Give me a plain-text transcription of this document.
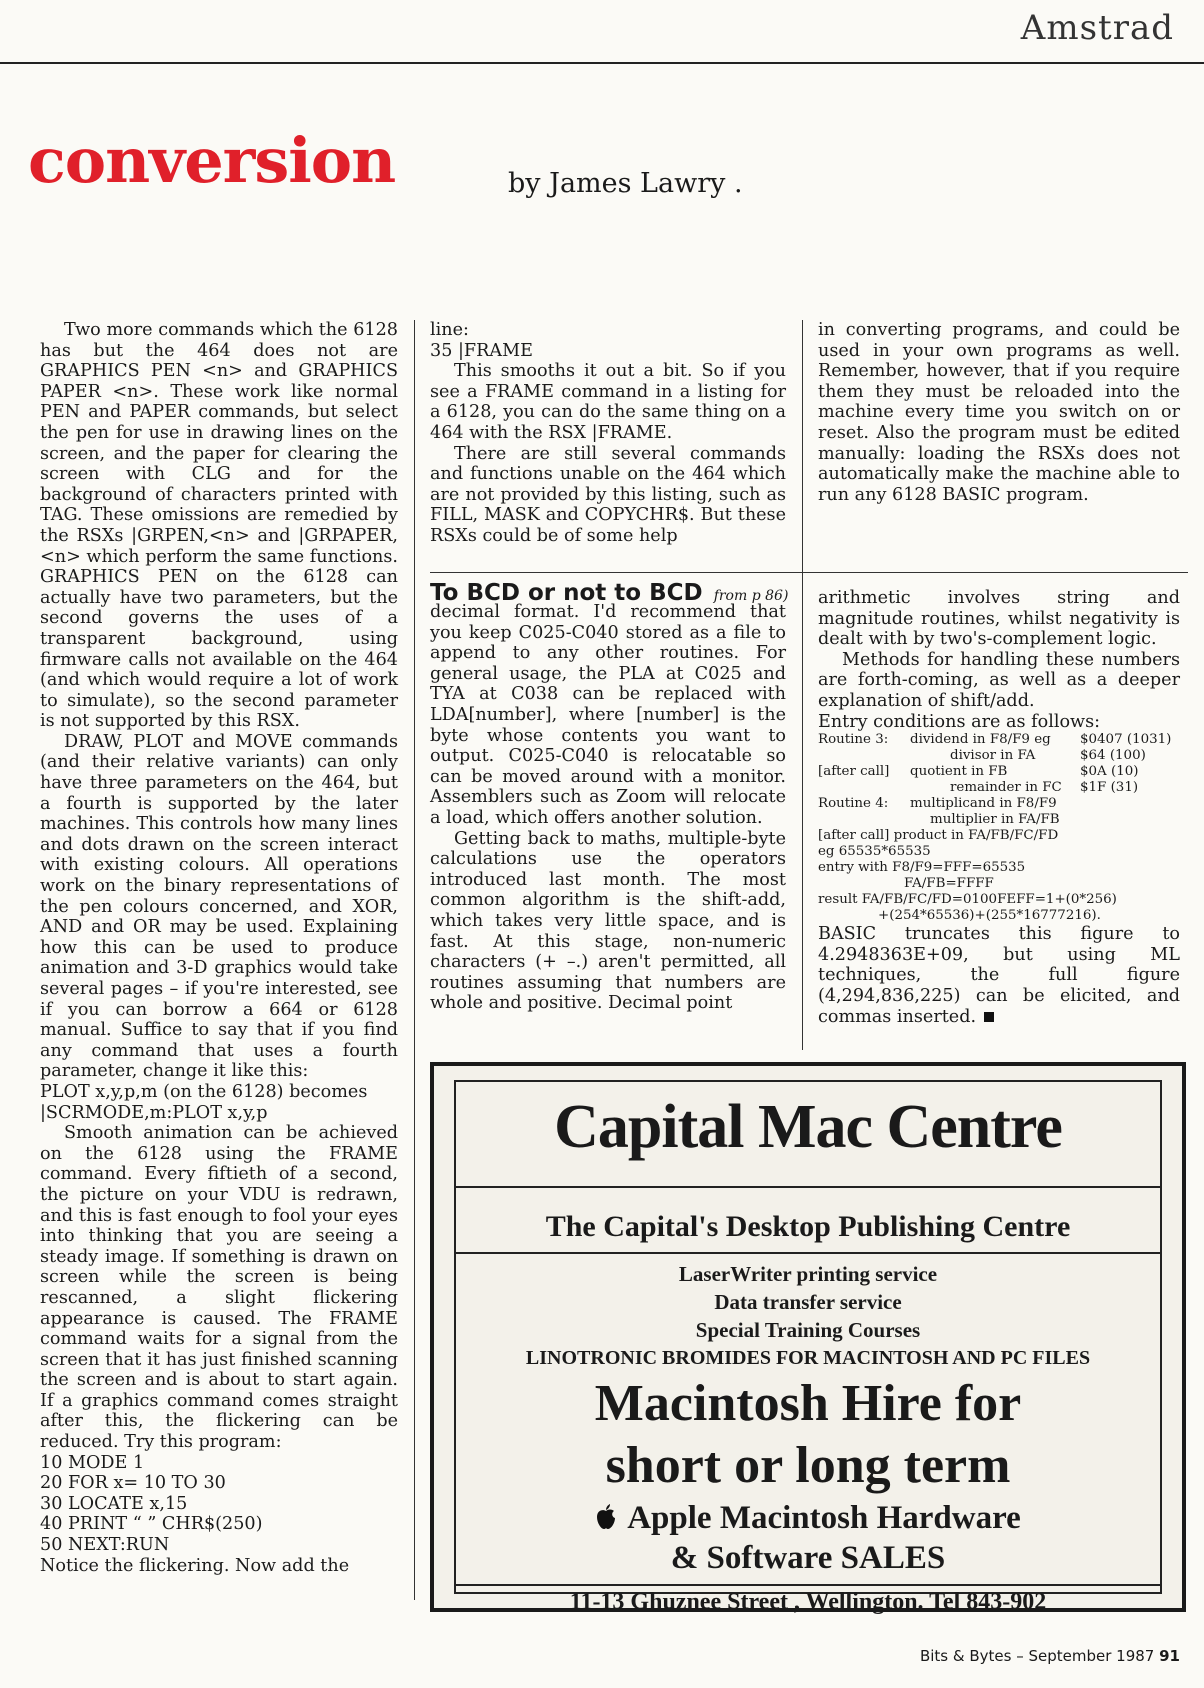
Amstrad
conversion	by James Lawry .

Two more commands which the 6128 has but the 464 does not are GRAPHICS PEN <n> and GRAPHICS PAPER <n>. These work like normal PEN and PAPER commands, but select the pen for use in drawing lines on the screen, and the paper for clearing the screen with CLG and for the background of characters printed with TAG. These omissions are remedied by the RSXs |GRPEN,<n> and |GRPAPER,<n> which perform the same functions. GRAPHICS PEN on the 6128 can actually have two parameters, but the second governs the uses of a transparent background, using firmware calls not available on the 464 (and which would require a lot of work to simulate), so the second parameter is not supported by this RSX.

DRAW, PLOT and MOVE commands (and their relative variants) can only have three parameters on the 464, but a fourth is supported by the later machines. This controls how many lines and dots drawn on the screen interact with existing colours. All operations work on the binary representations of the pen colours concerned, and XOR, AND and OR may be used. Explaining how this can be used to produce animation and 3-D graphics would take several pages – if you're interested, see if you can borrow a 664 or 6128 manual. Suffice to say that if you find any command that uses a fourth parameter, change it like this:

PLOT x,y,p,m (on the 6128) becomes
|SCRMODE,m:PLOT x,y,p

Smooth animation can be achieved on the 6128 using the FRAME command. Every fiftieth of a second, the picture on your VDU is redrawn, and this is fast enough to fool your eyes into thinking that you are seeing a steady image. If something is drawn on screen while the screen is being rescanned, a slight flickering appearance is caused. The FRAME command waits for a signal from the screen that it has just finished scanning the screen and is about to start again. If a graphics command comes straight after this, the flickering can be reduced. Try this program:

10 MODE 1
20 FOR x= 10 TO 30
30 LOCATE x,15
40 PRINT “ ” CHR$(250)
50 NEXT:RUN

Notice the flickering. Now add the

line:

35 |FRAME

This smooths it out a bit. So if you see a FRAME command in a listing for a 6128, you can do the same thing on a 464 with the RSX |FRAME.

There are still several commands and functions unable on the 464 which are not provided by this listing, such as FILL, MASK and COPYCHR$. But these RSXs could be of some help

in converting programs, and could be used in your own programs as well. Remember, however, that if you require them they must be reloaded into the machine every time you switch on or reset. Also the program must be edited manually: loading the RSXs does not automatically make the machine able to run any 6128 BASIC program.

To BCD or not to BCD from p 86)

decimal format. I'd recommend that you keep C025-C040 stored as a file to append to any other routines. For general usage, the PLA at C025 and TYA at C038 can be replaced with LDA[number], where [number] is the byte whose contents you want to output. C025-C040 is relocatable so can be moved around with a monitor. Assemblers such as Zoom will relocate a load, which offers another solution.

Getting back to maths, multiple-byte calculations use the operators introduced last month. The most common algorithm is the shift-add, which takes very little space, and is fast. At this stage, non-numeric characters (+ –.) aren't permitted, all routines assuming that numbers are whole and positive. Decimal point

arithmetic involves string and magnitude routines, whilst negativity is dealt with by two's-complement logic.

Methods for handling these numbers are forth-coming, as well as a deeper explanation of shift/add.

Entry conditions are as follows:

Routine 3:	dividend in F8/F9 eg	$0407 (1031)
	divisor in FA	$64 (100)
[after call]	quotient in FB	$0A (10)
	remainder in FC	$1F (31)
Routine 4:	multiplicand in F8/F9	
	multiplier in FA/FB	
[after call] product in FA/FB/FC/FD
eg 65535*65535
entry with F8/F9=FFF=65535
FA/FB=FFFF
result FA/FB/FC/FD=0100FEFF=1+(0*256)
+(254*65536)+(255*16777216).

BASIC truncates this figure to 4.2948363E+09, but using ML techniques, the full figure (4,294,836,225) can be elicited, and commas inserted.

Capital Mac Centre
The Capital's Desktop Publishing Centre
LaserWriter printing service
Data transfer service
Special Training Courses
LINOTRONIC BROMIDES FOR MACINTOSH AND PC FILES
Macintosh Hire for
short or long term
Apple Macintosh Hardware
& Software SALES
11-13 Ghuznee Street , Wellington. Tel 843-902
Bits & Bytes – September 1987 91
